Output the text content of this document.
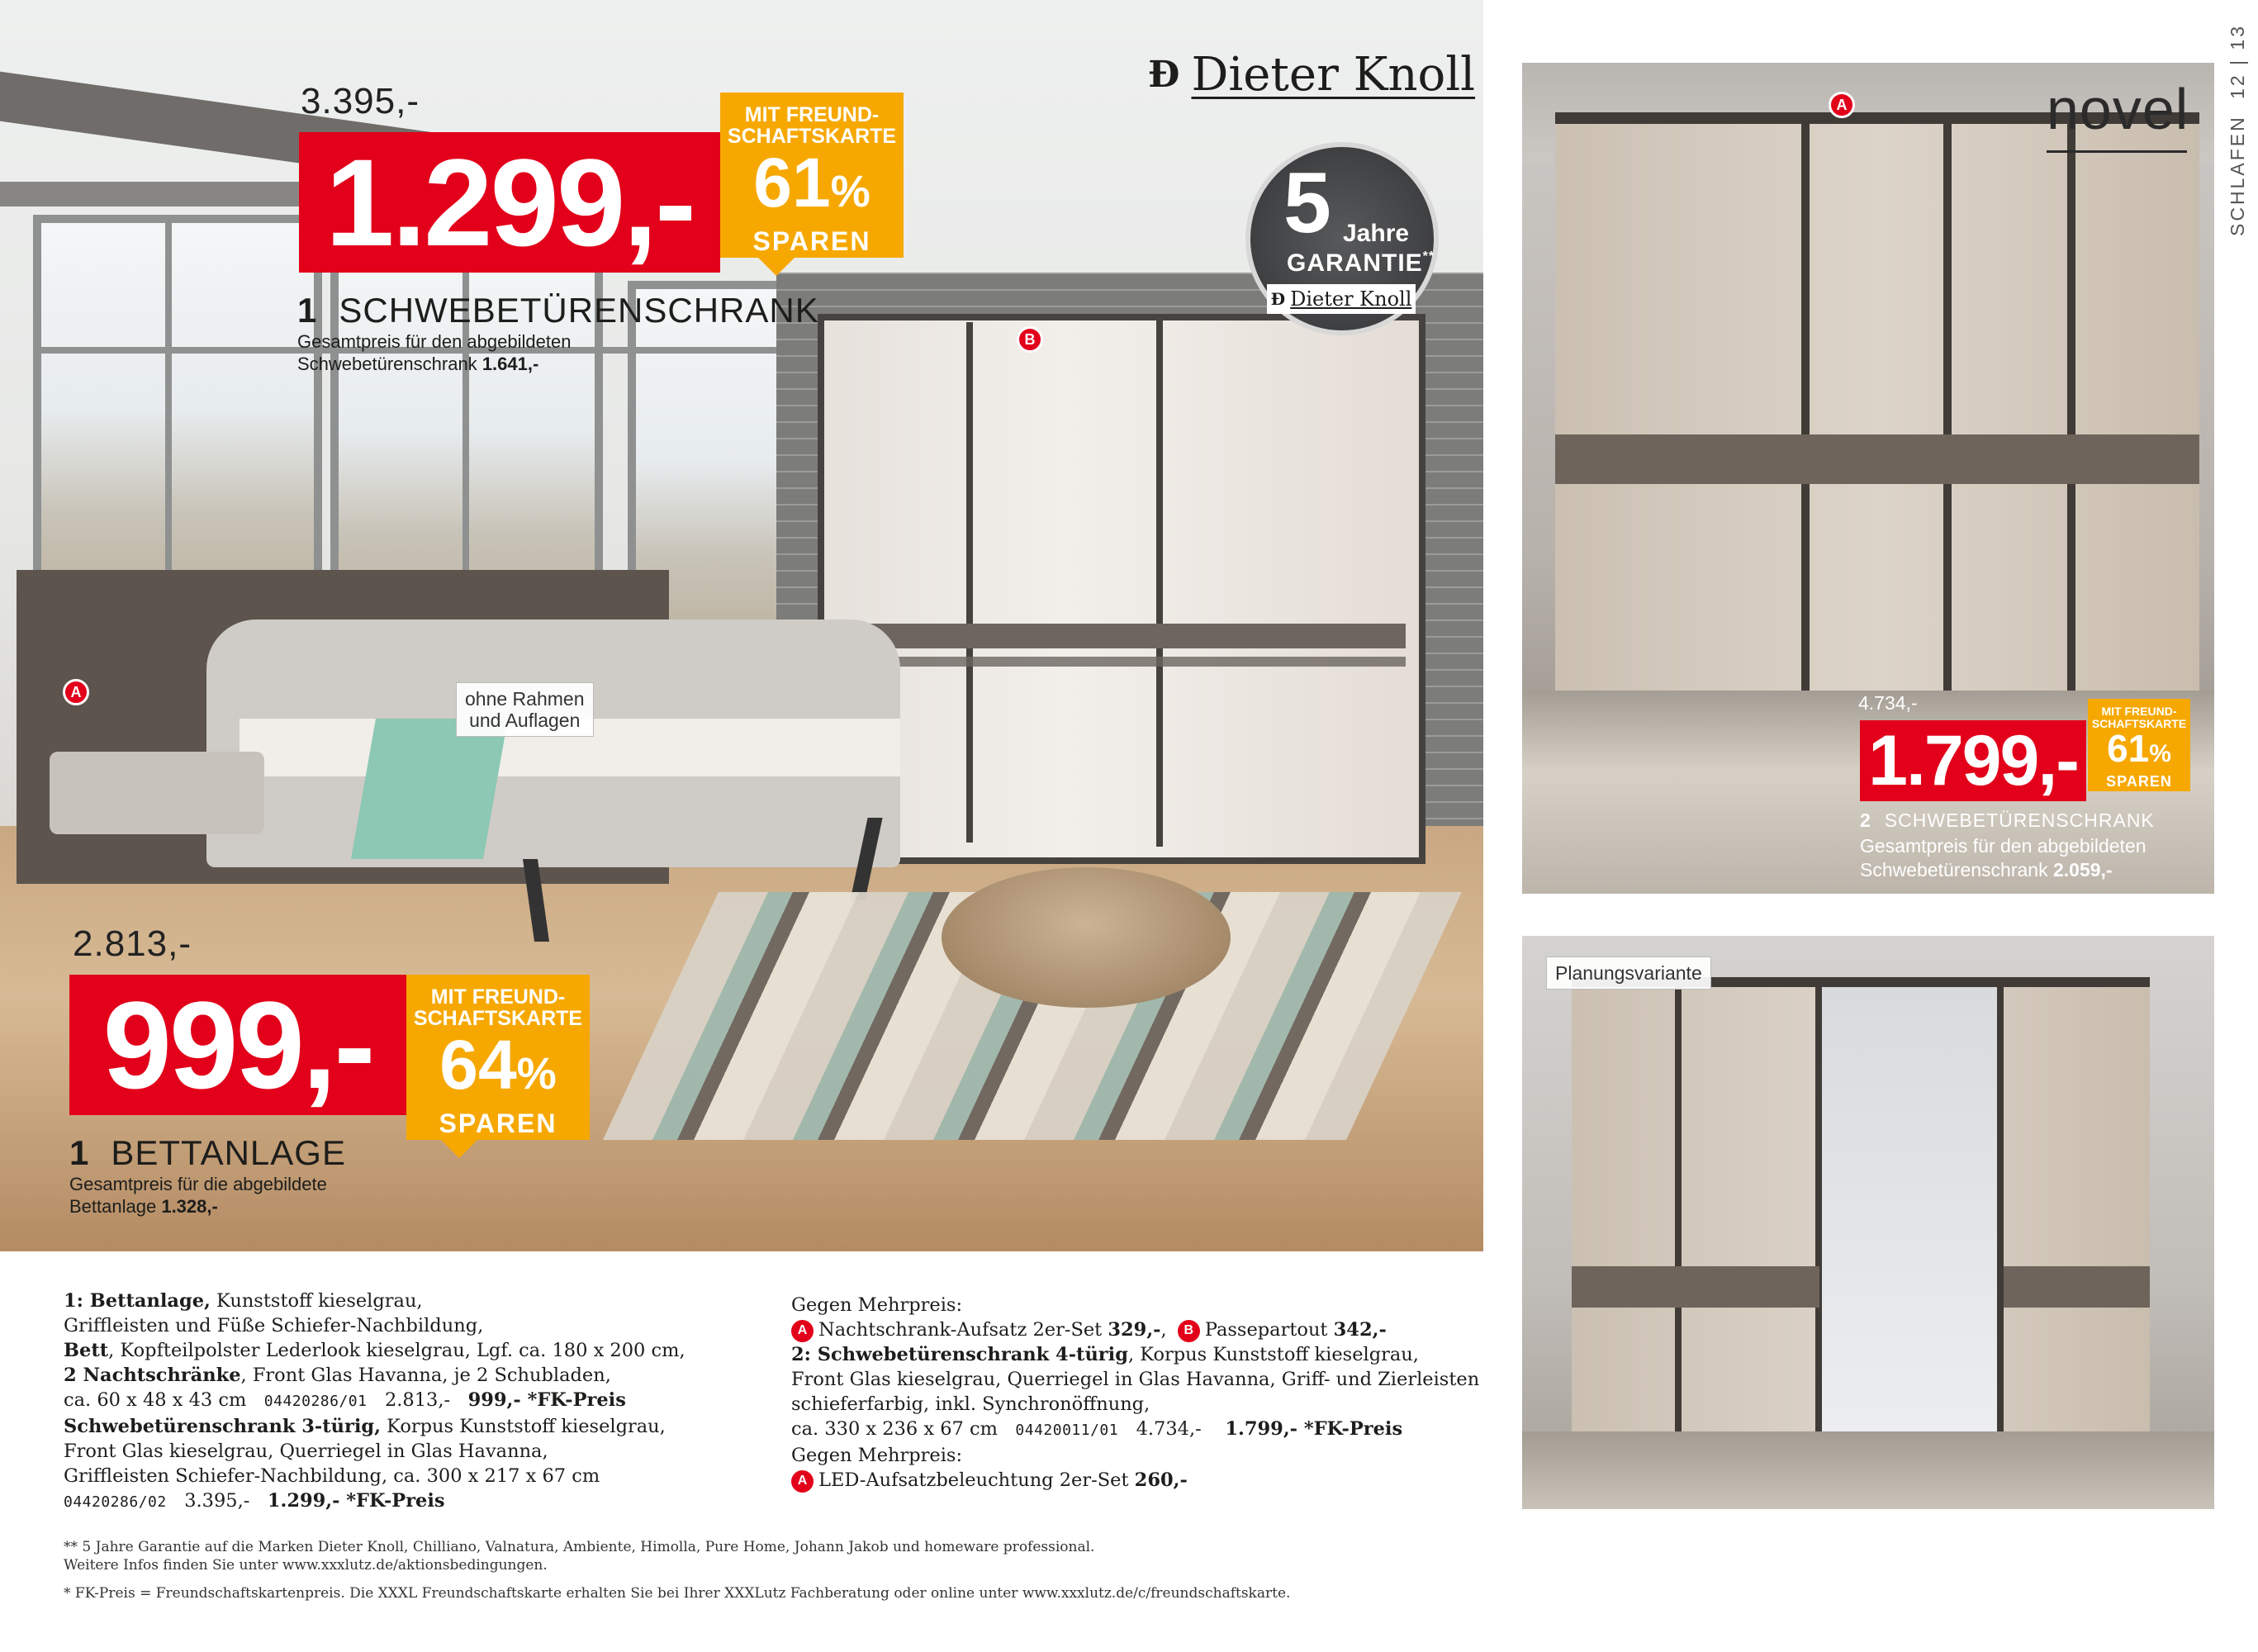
A
B
ohne Rahmen
und Auflagen
Ð Dieter Knoll
5 Jahre
GARANTIE**
Ð Dieter Knoll
3.395,-
1.299,-
MIT FREUND-
SCHAFTSKARTE
61%
SPAREN
1 SCHWEBETÜRENSCHRANK
Gesamtpreis für den abgebildeten
Schwebetürenschrank 1.641,-
2.813,-
999,-	MIT FREUND-
SCHAFTSKARTE
64%
SPAREN
1 BETTANLAGE
Gesamtpreis für die abgebildete
Bettanlage 1.328,-
A	novel
SCHLAFEN 12 | 13
4.734,-
1.799,-
MIT FREUND-
SCHAFTSKARTE
61%
SPAREN
2 SCHWEBETÜRENSCHRANK
Gesamtpreis für den abgebildeten
Schwebetürenschrank 2.059,-
Planungsvariante
1: Bettanlage, Kunststoff kieselgrau,
Griffleisten und Füße Schiefer-Nachbildung,
Bett, Kopfteilpolster Lederlook kieselgrau, Lgf. ca. 180 x 200 cm,
2 Nachtschränke, Front Glas Havanna, je 2 Schubladen,
ca. 60 x 48 x 43 cm 04420286/01 2.813,- 999,- *FK-Preis
Schwebetürenschrank 3-türig, Korpus Kunststoff kieselgrau,
Front Glas kieselgrau, Querriegel in Glas Havanna,
Griffleisten Schiefer-Nachbildung, ca. 300 x 217 x 67 cm
04420286/02 3.395,- 1.299,- *FK-Preis
Gegen Mehrpreis:
A Nachtschrank-Aufsatz 2er-Set 329,-, B Passepartout 342,-
2: Schwebetürenschrank 4-türig, Korpus Kunststoff kieselgrau,
Front Glas kieselgrau, Querriegel in Glas Havanna, Griff- und Zierleisten
schieferfarbig, inkl. Synchronöffnung,
ca. 330 x 236 x 67 cm 04420011/01 4.734,- 1.799,- *FK-Preis
Gegen Mehrpreis:
A LED-Aufsatzbeleuchtung 2er-Set 260,-
** 5 Jahre Garantie auf die Marken Dieter Knoll, Chilliano, Valnatura, Ambiente, Himolla, Pure Home, Johann Jakob und homeware professional.
Weitere Infos finden Sie unter www.xxxlutz.de/aktionsbedingungen.
* FK-Preis = Freundschaftskartenpreis. Die XXXL Freundschaftskarte erhalten Sie bei Ihrer XXXLutz Fachberatung oder online unter www.xxxlutz.de/c/freundschaftskarte.
